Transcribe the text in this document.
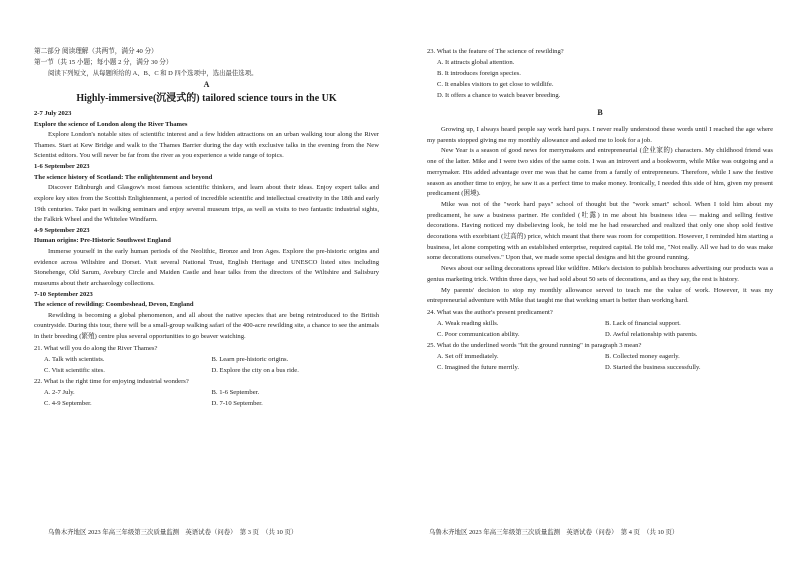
第二部分 阅读理解（共两节，满分 40 分）

第一节（共 15 小题；每小题 2 分，满分 30 分）

阅读下列短文，从每题所给的 A、B、C 和 D 四个选项中，选出最佳选项。

A

Highly-immersive(沉浸式的) tailored science tours in the UK

2-7 July 2023

Explore the science of London along the River Thames

Explore London's notable sites of scientific interest and a few hidden attractions on an urban walking tour along the River Thames. Start at Kew Bridge and walk to the Thames Barrier during the day with exclusive talks in the evening from the New Scientist editors. You will never be far from the river as you experience a wide range of topics.

1-6 September 2023

The science history of Scotland: The enlightenment and beyond

Discover Edinburgh and Glasgow's most famous scientific thinkers, and learn about their ideas. Enjoy expert talks and explore key sites from the Scottish Enlightenment, a period of incredible scientific and intellectual creativity in the 18th and early 19th centuries. Take part in walking seminars and enjoy several museum trips, as well as visits to two fantastic industrial sights, the Falkirk Wheel and the Whitelee Windfarm.

4-9 September 2023

Human origins: Pre-Historic Southwest England

Immerse yourself in the early human periods of the Neolithic, Bronze and Iron Ages. Explore the pre-historic origins and evidence across Wiltshire and Dorset. Visit several National Trust, English Heritage and UNESCO listed sites including Stonehenge, Old Sarum, Avebury Circle and Maiden Castle and hear talks from the directors of the Wiltshire and Salisbury museums about their archaeology collections.

7-10 September 2023

The science of rewilding: Coombeshead, Devon, England

Rewilding is becoming a global phenomenon, and all about the native species that are being reintroduced to the British countryside. During this tour, there will be a small-group walking safari of the 400-acre rewilding site, a chance to see the animals in their breeding (繁殖) centre plus several opportunities to go beaver watching.

21. What will you do along the River Thames?

A. Talk with scientists.	B. Learn pre-historic origins.
C. Visit scientific sites.	D. Explore the city on a bus ride.

22. What is the right time for enjoying industrial wonders?

A. 2-7 July.	B. 1-6 September.
C. 4-9 September.	D. 7-10 September.

乌鲁木齐地区 2023 年高三年级第三次质量监测　英语试卷（问卷）　第 3 页　（共 10 页）

23. What is the feature of The science of rewilding?

A. It attracts global attention.

B. It introduces foreign species.

C. It enables visitors to get close to wildlife.

D. It offers a chance to watch beaver breeding.

B

Growing up, I always heard people say work hard pays. I never really understood these words until I reached the age where my parents stopped giving me my monthly allowance and asked me to look for a job.

New Year is a season of good news for merrymakers and entrepreneurial (企业家的) characters. My childhood friend was one of the latter. Mike and I were two sides of the same coin. I was an introvert and a bookworm, while Mike was outgoing and a merrymaker. His added advantage over me was that he came from a family of entrepreneurs. Therefore, while I saw the festive season as another time to enjoy, he saw it as a perfect time to make money. Ironically, I needed this side of him, given my present predicament (困境).

Mike was not of the "work hard pays" school of thought but the "work smart" school. When I told him about my predicament, he saw a business partner. He confided (吐露) in me about his business idea — making and selling festive decorations. Having noticed my disbelieving look, he told me he had researched and realized that only one shop sold festive decorations with exorbitant (过高的) price, which meant that there was room for competition. However, I reminded him starting a business, let alone competing with an established enterprise, required capital. He told me, "Not really. All we had to do was make some decorations ourselves." Upon that, we made some special designs and hit the ground running.

News about our selling decorations spread like wildfire. Mike's decision to publish brochures advertising our products was a genius marketing trick. Within three days, we had sold about 50 sets of decorations, and as they say, the rest is history.

My parents' decision to stop my monthly allowance served to teach me the value of work. However, it was my entrepreneurial adventure with Mike that taught me that working smart is better than working hard.

24. What was the author's present predicament?

A. Weak reading skills.	B. Lack of financial support.
C. Poor communication ability.	D. Awful relationship with parents.

25. What do the underlined words "hit the ground running" in paragraph 3 mean?

A. Set off immediately.	B. Collected money eagerly.
C. Imagined the future merrily.	D. Started the business successfully.

乌鲁木齐地区 2023 年高三年级第三次质量监测　英语试卷（问卷）　第 4 页　（共 10 页）
